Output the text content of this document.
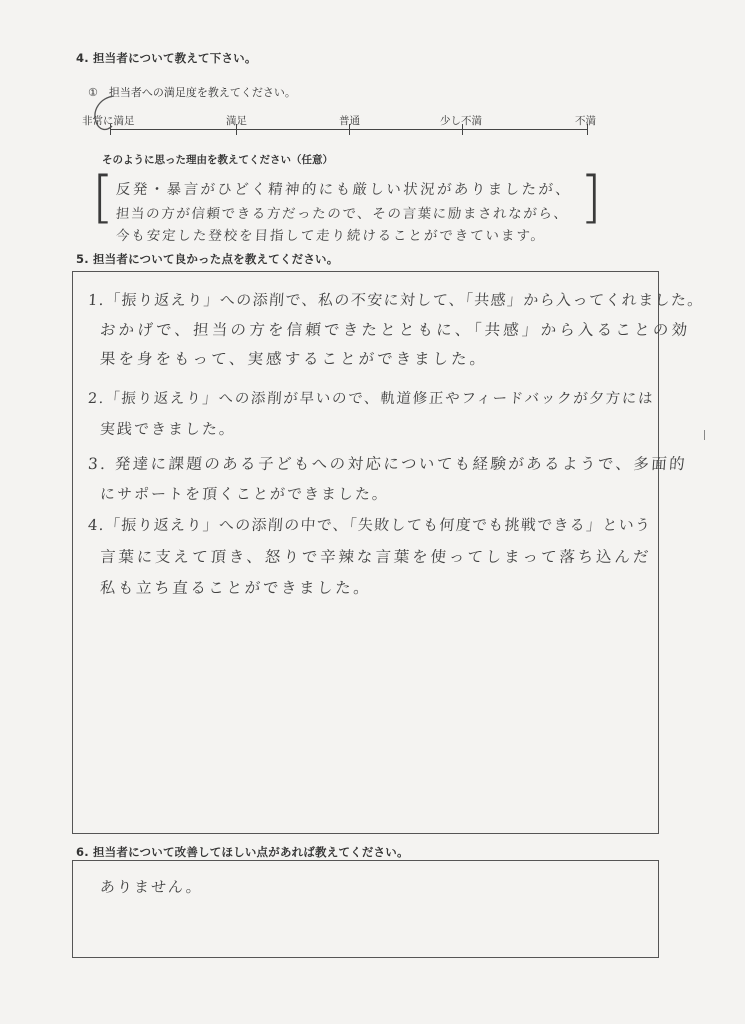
4. 担当者について教えて下さい。
①　担当者への満足度を教えてください。
非常に満足	満足	普通	少し不満	不満
そのように思った理由を教えてください（任意）
[	]
反発・暴言がひどく精神的にも厳しい状況がありましたが、
担当の方が信頼できる方だったので、その言葉に励まされながら、
今も安定した登校を目指して走り続けることができています。
5. 担当者について良かった点を教えてください。
1.「振り返えり」への添削で、私の不安に対して、「共感」から入ってくれました。
おかげで、担当の方を信頼できたとともに、「共感」から入ることの効
果を身をもって、実感することができました。
2.「振り返えり」への添削が早いので、軌道修正やフィードバックが夕方には
実践できました。
3. 発達に課題のある子どもへの対応についても経験があるようで、多面的
にサポートを頂くことができました。
4.「振り返えり」への添削の中で、「失敗しても何度でも挑戦できる」という
言葉に支えて頂き、怒りで辛辣な言葉を使ってしまって落ち込んだ
私も立ち直ることができました。
6. 担当者について改善してほしい点があれば教えてください。
ありません。
